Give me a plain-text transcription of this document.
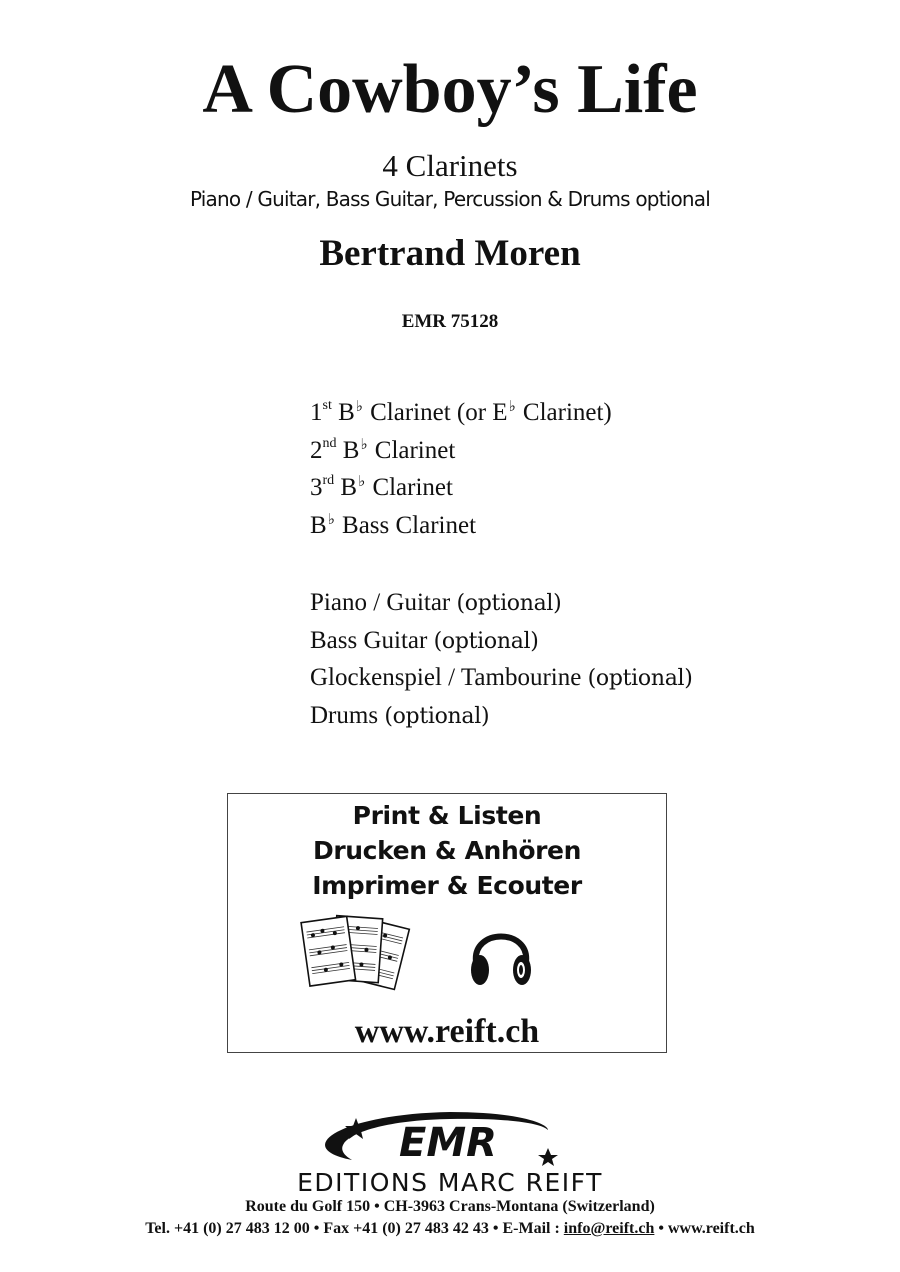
A Cowboy’s Life
4 Clarinets
Piano / Guitar, Bass Guitar, Percussion & Drums optional
Bertrand Moren
EMR 75128
1st B♭ Clarinet (or E♭ Clarinet)
2nd B♭ Clarinet
3rd B♭ Clarinet
B♭ Bass Clarinet
Piano / Guitar (optional)
Bass Guitar (optional)
Glockenspiel / Tambourine (optional)
Drums (optional)
Print & Listen
Drucken & Anhören
Imprimer & Ecouter
www.reift.ch
EMR
EDITIONS MARC REIFT
Route du Golf 150 • CH-3963 Crans-Montana (Switzerland)
Tel. +41 (0) 27 483 12 00 • Fax +41 (0) 27 483 42 43 • E-Mail : info@reift.ch • www.reift.ch
